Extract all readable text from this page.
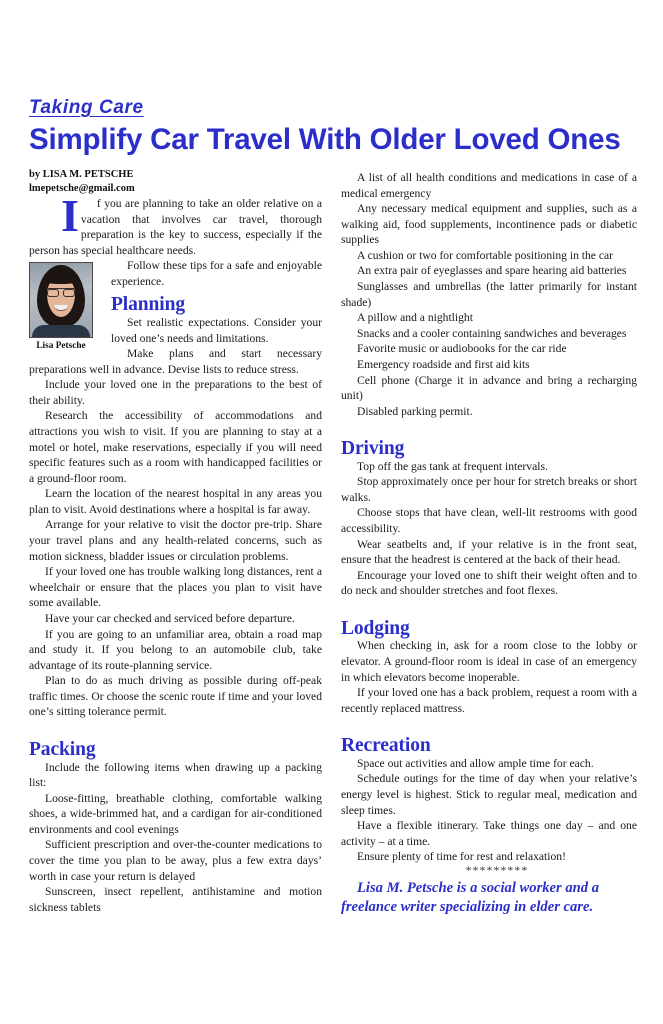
Taking Care
Simplify Car Travel With Older Loved Ones
by LISA M. PETSCHE
lmepetsche@gmail.com

I f you are planning to take an older relative on a vacation that involves car travel, thorough preparation is the key to success, especially if the person has special healthcare needs.

Lisa Petsche

Follow these tips for a safe and enjoyable experience.

Planning

Set realistic expectations. Consider your loved one’s needs and limitations.

Make plans and start necessary preparations well in advance. Devise lists to reduce stress.

Include your loved one in the preparations to the best of their ability.

Research the accessibility of accommodations and attractions you wish to visit. If you are planning to stay at a motel or hotel, make reservations, especially if you will need specific features such as a room with handicapped facilities or a ground-floor room.

Learn the location of the nearest hospital in any areas you plan to visit. Avoid destinations where a hospital is far away.

Arrange for your relative to visit the doctor pre-trip. Share your travel plans and any health-related concerns, such as motion sickness, bladder issues or circulation problems.

If your loved one has trouble walking long distances, rent a wheelchair or ensure that the places you plan to visit have some available.

Have your car checked and serviced before departure.

If you are going to an unfamiliar area, obtain a road map and study it. If you belong to an automobile club, take advantage of its route-planning service.

Plan to do as much driving as possible during off-peak traffic times. Or choose the scenic route if time and your loved one’s sitting tolerance permit.

Packing

Include the following items when drawing up a packing list:

Loose-fitting, breathable clothing, comfortable walking shoes, a wide-brimmed hat, and a cardigan for air-conditioned environments and cool evenings

Sufficient prescription and over-the-counter medications to cover the time you plan to be away, plus a few extra days’ worth in case your return is delayed

Sunscreen, insect repellent, antihistamine and motion sickness tablets

A list of all health conditions and medications in case of a medical emergency

Any necessary medical equipment and supplies, such as a walking aid, food supplements, incontinence pads or diabetic supplies

A cushion or two for comfortable positioning in the car

An extra pair of eyeglasses and spare hearing aid batteries

Sunglasses and umbrellas (the latter primarily for instant shade)

A pillow and a nightlight

Snacks and a cooler containing sandwiches and beverages

Favorite music or audiobooks for the car ride

Emergency roadside and first aid kits

Cell phone (Charge it in advance and bring a recharging unit)

Disabled parking permit.

Driving

Top off the gas tank at frequent intervals.

Stop approximately once per hour for stretch breaks or short walks.

Choose stops that have clean, well-lit restrooms with good accessibility.

Wear seatbelts and, if your relative is in the front seat, ensure that the headrest is centered at the back of their head.

Encourage your loved one to shift their weight often and to do neck and shoulder stretches and foot flexes.

Lodging

When checking in, ask for a room close to the lobby or elevator. A ground-floor room is ideal in case of an emergency in which elevators become inoperable.

If your loved one has a back problem, request a room with a recently replaced mattress.

Recreation

Space out activities and allow ample time for each.

Schedule outings for the time of day when your relative’s energy level is highest. Stick to regular meal, medication and sleep times.

Have a flexible itinerary. Take things one day – and one activity – at a time.

Ensure plenty of time for rest and relaxation!

*********

Lisa M. Petsche is a social worker and a freelance writer specializing in elder care.
